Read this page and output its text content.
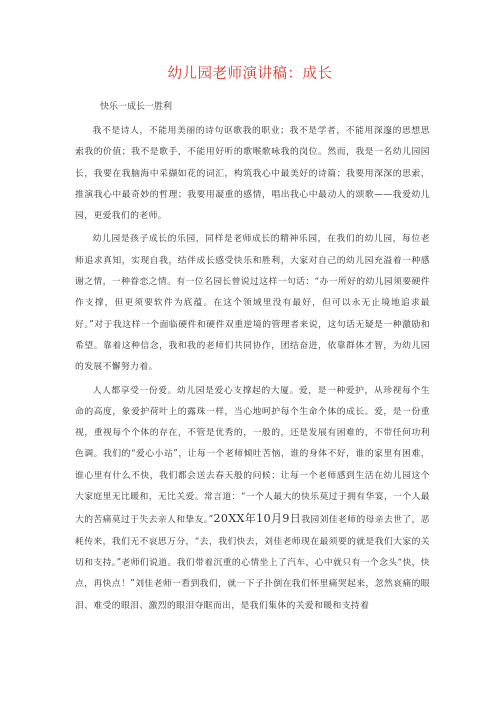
幼儿园老师演讲稿：成长

快乐一成长一胜利

我不是诗人，不能用美丽的诗句讴歌我的职业；我不是学者，不能用深邃的思想思索我的价值；我不是歌手，不能用好听的歌喉歌咏我的岗位。然而，我是一名幼儿园园长，我要在我脑海中采撷如花的词汇，构筑我心中最美好的诗篇；我要用深深的思索，推演我心中最奇妙的哲理；我要用凝重的感情，唱出我心中最动人的颂歌——我爱幼儿园，更爱我们的老师。

幼儿园是孩子成长的乐园，同样是老师成长的精神乐园，在我们的幼儿园，每位老师追求真知，实现自我，结伴成长感受快乐和胜利，大家对自己的幼儿园充溢着一种感谢之情，一种眷恋之情。有一位名园长曾说过这样一句话：“办一所好的幼儿园须要硬件作支撑，但更须要软件为底蕴。在这个领域里没有最好，但可以永无止境地追求最好。”对于我这样一个面临硬件和硬件双重逆境的管理者来说，这句话无疑是一种激励和希望。靠着这种信念，我和我的老师们共同协作，团结奋进，依靠群体才智，为幼儿园的发展不懈努力着。

人人都享受一份爱。幼儿园是爱心支撑起的大厦。爱，是一种爱护，从珍视每个生命的高度，象爱护荷叶上的露珠一样，当心地呵护每个生命个体的成长。爱，是一份重视，重视每个个体的存在，不管是优秀的，一般的，还是发展有困难的，不带任何功利色调。我们的“爱心小站”，让每一个老师倾吐苦恼，谁的身体不好，谁的家里有困难，谁心里有什么不快，我们都会送去春天般的问候；让每一个老师感到生活在幼儿园这个大家庭里无比暖和，无比关爱。常言道：“一个人最大的快乐莫过于拥有华宴，一个人最大的苦痛莫过于失去亲人和挚友。”20XX年10月9日我园刘佳老师的母亲去世了，恶耗传来，我们无不哀思万分，“去，我们快去，刘佳老师现在最须要的就是我们大家的关切和支持。”老师们说道。我们带着沉重的心情坐上了汽车，心中就只有一个念头“快，快点，再快点！”刘佳老师一看到我们，就一下子扑倒在我们怀里痛哭起来，忽然哀痛的眼泪、难受的眼泪、激烈的眼泪夺眶而出，是我们集体的关爱和暖和支持着
